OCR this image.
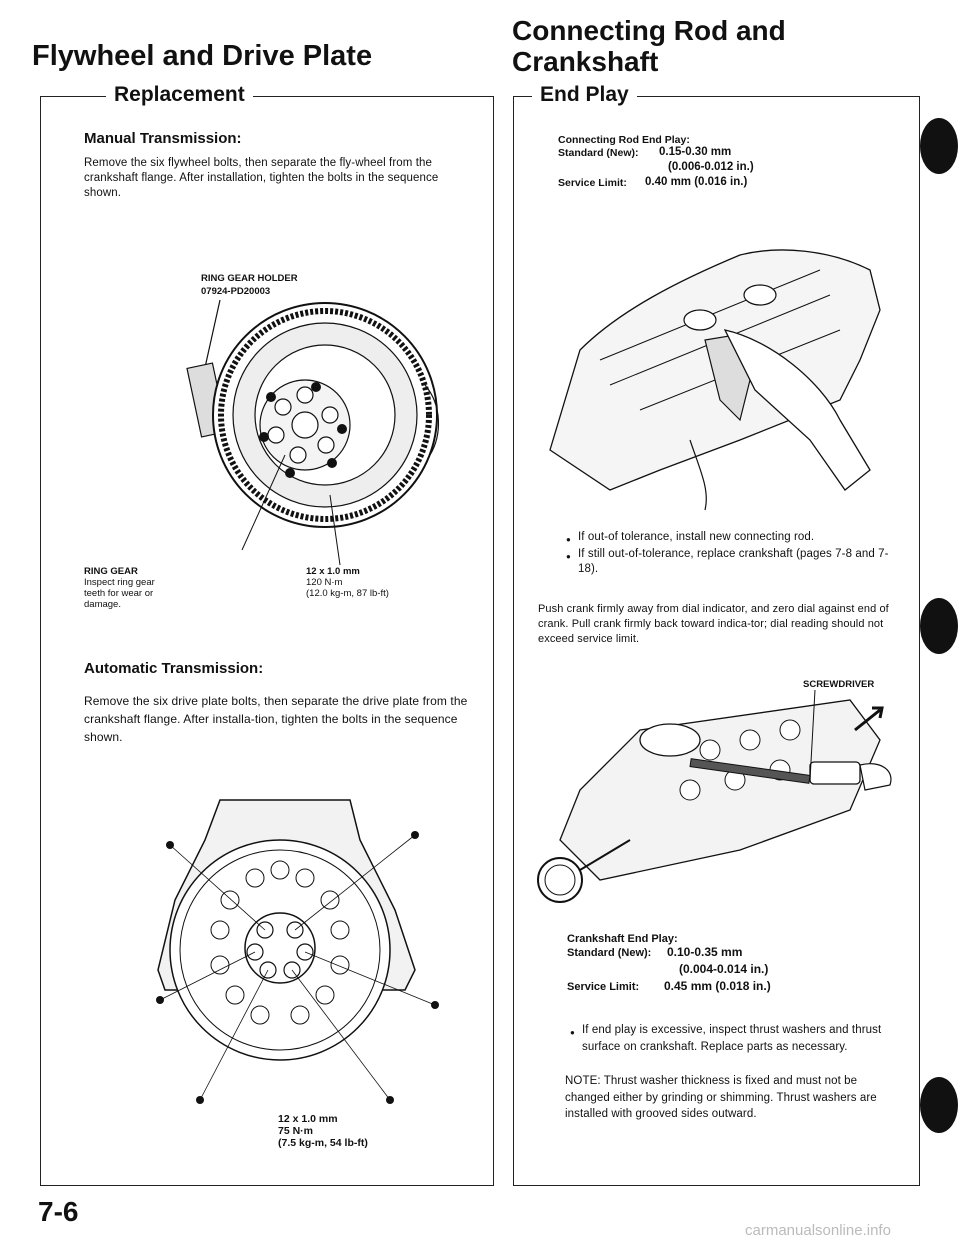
Flywheel and Drive Plate
Replacement
Manual Transmission:
Remove the six flywheel bolts, then separate the fly-wheel from the crankshaft flange. After installation, tighten the bolts in the sequence shown.
RING GEAR HOLDER
07924-PD20003
RING GEAR
Inspect ring gear
teeth for wear or
damage.
12 x 1.0 mm
120 N·m
(12.0 kg-m, 87 lb-ft)
Automatic Transmission:
Remove the six drive plate bolts, then separate the drive plate from the crankshaft flange. After installa-tion, tighten the bolts in the sequence shown.
12 x 1.0 mm
75 N·m
(7.5 kg-m, 54 lb-ft)
Connecting Rod and
Crankshaft
End Play
Connecting Rod End Play:
Standard (New): 0.15-0.30 mm
(0.006-0.012 in.)
Service Limit: 0.40 mm (0.016 in.)
If out-of tolerance, install new connecting rod.
If still out-of-tolerance, replace crankshaft (pages 7-8 and 7-18).
Push crank firmly away from dial indicator, and zero dial against end of crank. Pull crank firmly back toward indica-tor; dial reading should not exceed service limit.
SCREWDRIVER
Crankshaft End Play:
Standard (New): 0.10-0.35 mm
(0.004-0.014 in.)
Service Limit: 0.45 mm (0.018 in.)
If end play is excessive, inspect thrust washers and thrust surface on crankshaft. Replace parts as necessary.
NOTE: Thrust washer thickness is fixed and must not be changed either by grinding or shimming. Thrust washers are installed with grooved sides outward.
7-6
carmanualsonline.info
